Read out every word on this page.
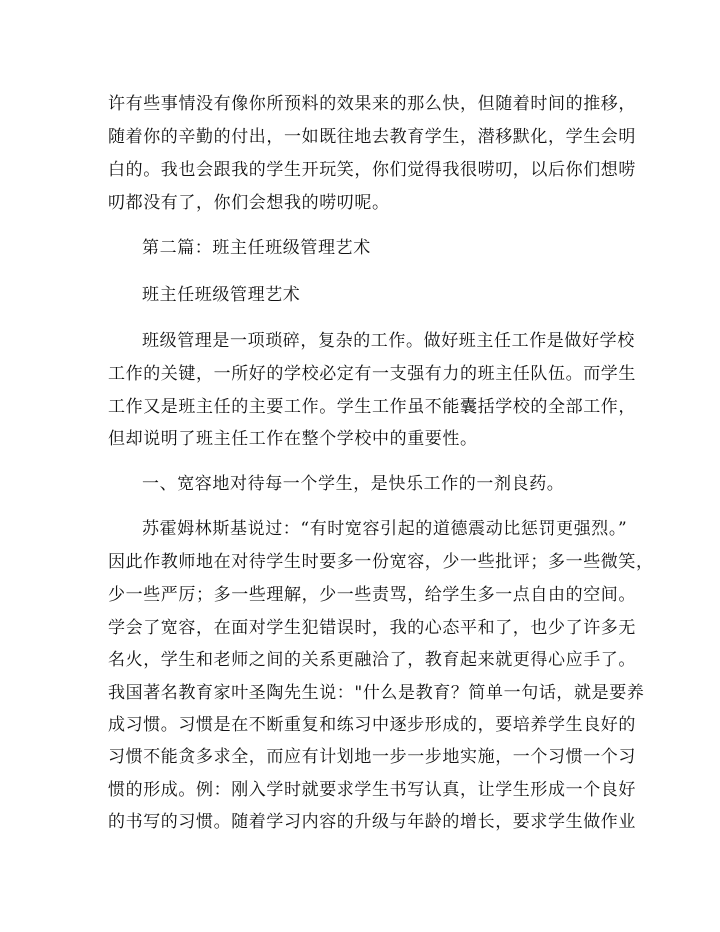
许有些事情没有像你所预料的效果来的那么快，但随着时间的推移，
随着你的辛勤的付出，一如既往地去教育学生，潜移默化，学生会明
白的。我也会跟我的学生开玩笑，你们觉得我很唠叨，以后你们想唠
叨都没有了，你们会想我的唠叨呢。
第二篇：班主任班级管理艺术
班主任班级管理艺术
班级管理是一项琐碎，复杂的工作。做好班主任工作是做好学校
工作的关键，一所好的学校必定有一支强有力的班主任队伍。而学生
工作又是班主任的主要工作。学生工作虽不能囊括学校的全部工作，
但却说明了班主任工作在整个学校中的重要性。
一、宽容地对待每一个学生，是快乐工作的一剂良药。
苏霍姆林斯基说过：“有时宽容引起的道德震动比惩罚更强烈。”
因此作教师地在对待学生时要多一份宽容，少一些批评；多一些微笑，
少一些严厉；多一些理解，少一些责骂，给学生多一点自由的空间。
学会了宽容，在面对学生犯错误时，我的心态平和了，也少了许多无
名火，学生和老师之间的关系更融洽了，教育起来就更得心应手了。
我国著名教育家叶圣陶先生说："什么是教育？简单一句话，就是要养
成习惯。习惯是在不断重复和练习中逐步形成的，要培养学生良好的
习惯不能贪多求全，而应有计划地一步一步地实施，一个习惯一个习
惯的形成。例：刚入学时就要求学生书写认真，让学生形成一个良好
的书写的习惯。随着学习内容的升级与年龄的增长，要求学生做作业
